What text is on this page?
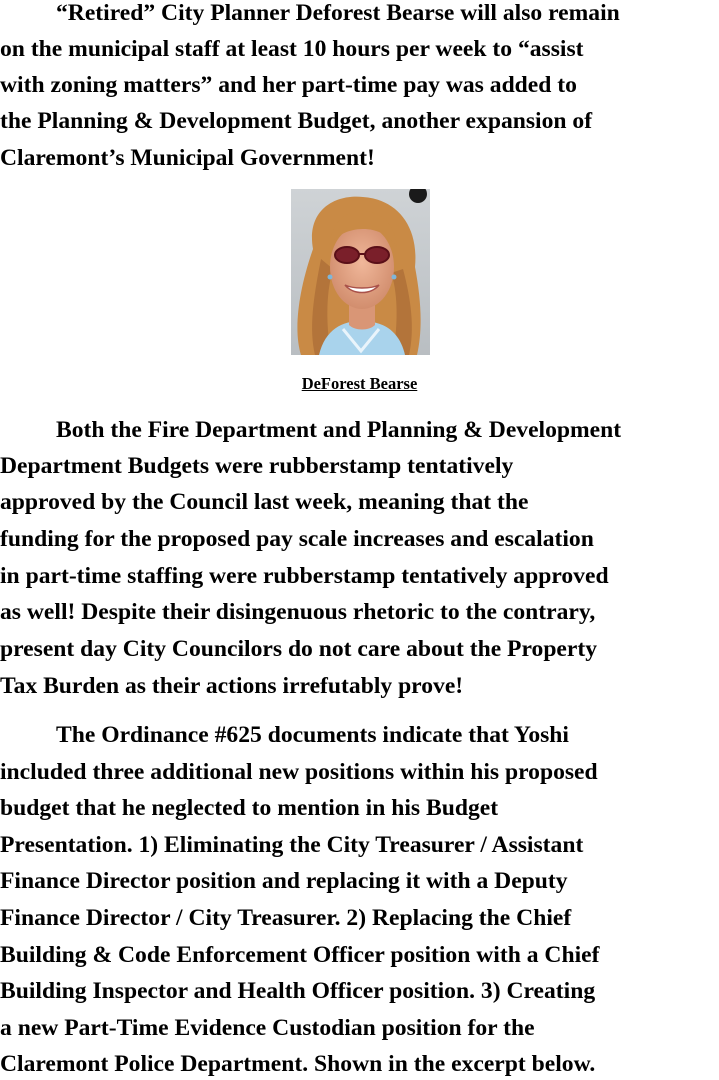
“Retired” City Planner Deforest Bearse will also remain
on the municipal staff at least 10 hours per week to “assist
with zoning matters” and her part-time pay was added to
the Planning & Development Budget, another expansion of
Claremont’s Municipal Government!
DeForest Bearse
Both the Fire Department and Planning & Development
Department Budgets were rubberstamp tentatively
approved by the Council last week, meaning that the
funding for the proposed pay scale increases and escalation
in part-time staffing were rubberstamp tentatively approved
as well! Despite their disingenuous rhetoric to the contrary,
present day City Councilors do not care about the Property
Tax Burden as their actions irrefutably prove!
The Ordinance #625 documents indicate that Yoshi
included three additional new positions within his proposed
budget that he neglected to mention in his Budget
Presentation. 1) Eliminating the City Treasurer / Assistant
Finance Director position and replacing it with a Deputy
Finance Director / City Treasurer. 2) Replacing the Chief
Building & Code Enforcement Officer position with a Chief
Building Inspector and Health Officer position. 3) Creating
a new Part-Time Evidence Custodian position for the
Claremont Police Department. Shown in the excerpt below.
